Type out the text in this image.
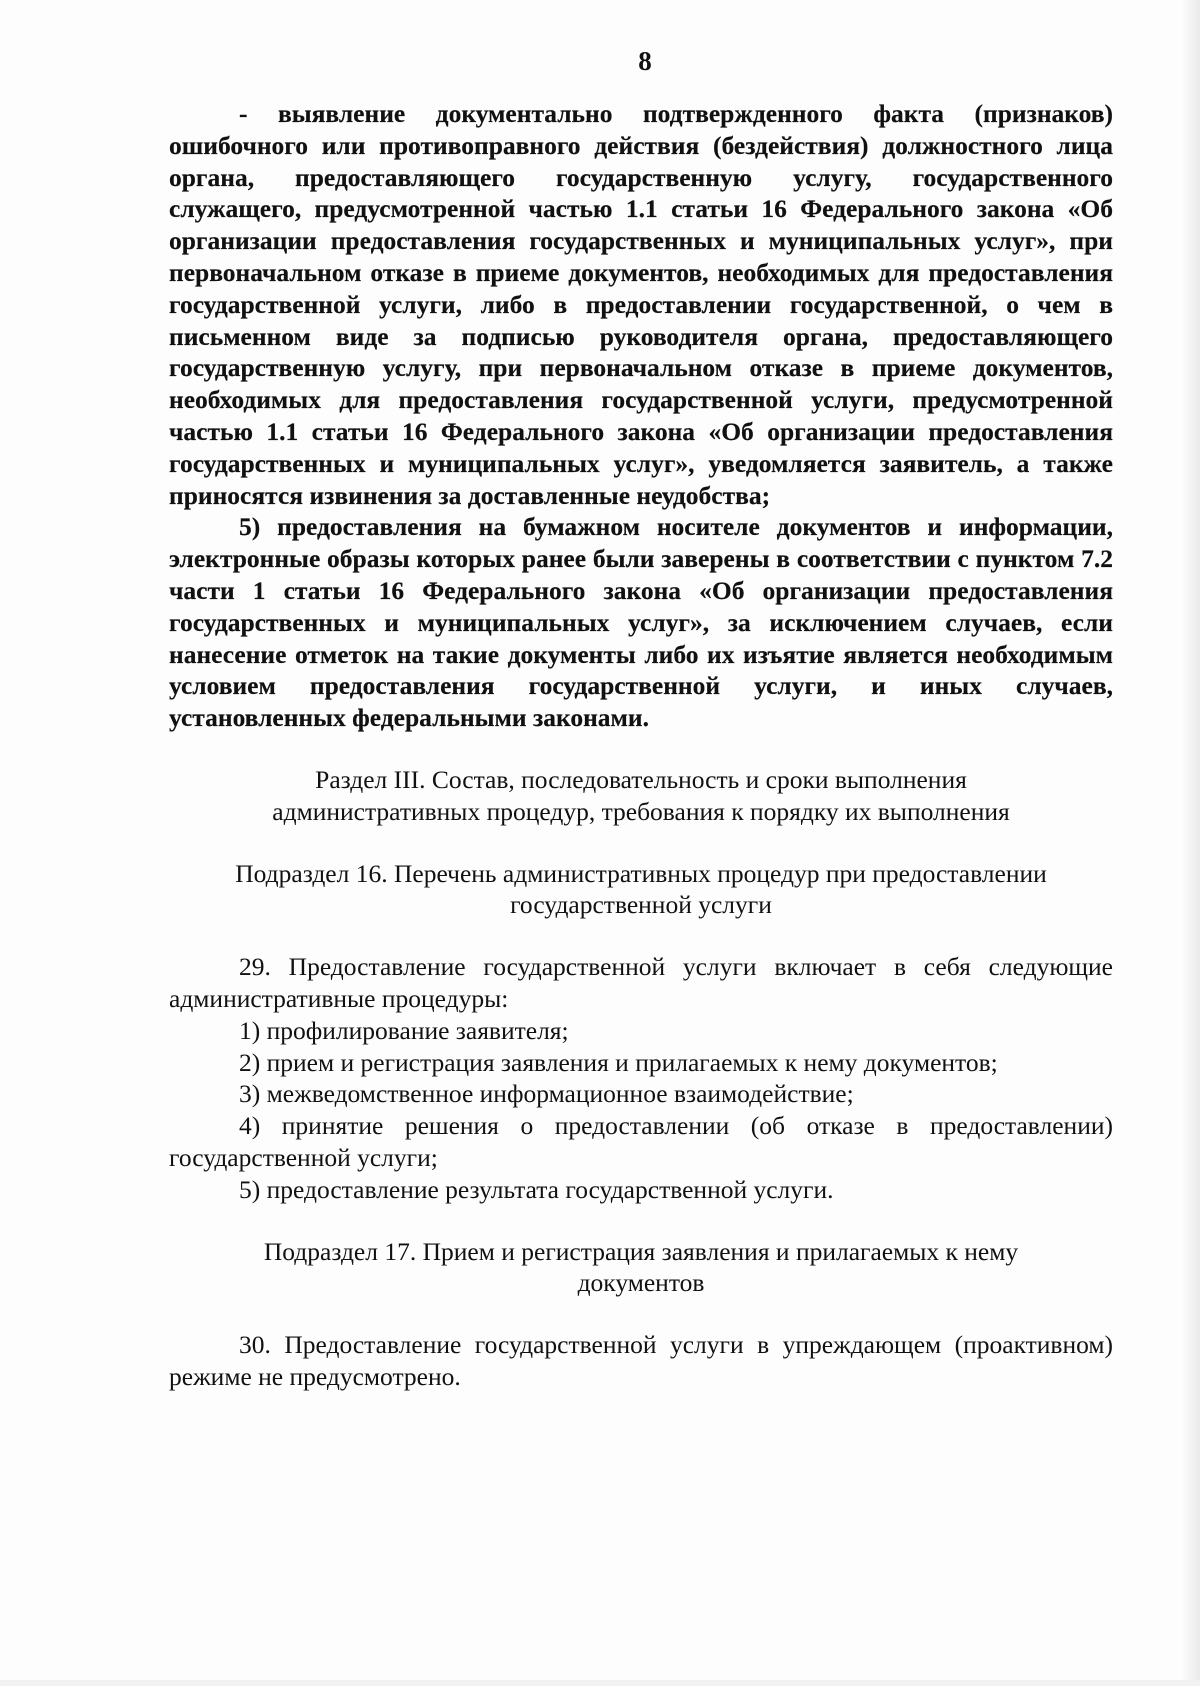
8

- выявление документально подтвержденного факта (признаков) ошибочного или противоправного действия (бездействия) должностного лица органа, предоставляющего государственную услугу, государственного служащего, предусмотренной частью 1.1 статьи 16 Федерального закона «Об организации предоставления государственных и муниципальных услуг», при первоначальном отказе в приеме документов, необходимых для предоставления государственной услуги, либо в предоставлении государственной, о чем в письменном виде за подписью руководителя органа, предоставляющего государственную услугу, при первоначальном отказе в приеме документов, необходимых для предоставления государственной услуги, предусмотренной частью 1.1 статьи 16 Федерального закона «Об организации предоставления государственных и муниципальных услуг», уведомляется заявитель, а также приносятся извинения за доставленные неудобства;

5) предоставления на бумажном носителе документов и информации, электронные образы которых ранее были заверены в соответствии с пунктом 7.2 части 1 статьи 16 Федерального закона «Об организации предоставления государственных и муниципальных услуг», за исключением случаев, если нанесение отметок на такие документы либо их изъятие является необходимым условием предоставления государственной услуги, и иных случаев, установленных федеральными законами.

Раздел III. Состав, последовательность и сроки выполнения

административных процедур, требования к порядку их выполнения

Подраздел 16. Перечень административных процедур при предоставлении

государственной услуги

29. Предоставление государственной услуги включает в себя следующие административные процедуры:

1) профилирование заявителя;

2) прием и регистрация заявления и прилагаемых к нему документов;

3) межведомственное информационное взаимодействие;

4) принятие решения о предоставлении (об отказе в предоставлении) государственной услуги;

5) предоставление результата государственной услуги.

Подраздел 17. Прием и регистрация заявления и прилагаемых к нему

документов

30. Предоставление государственной услуги в упреждающем (проактивном) режиме не предусмотрено.
